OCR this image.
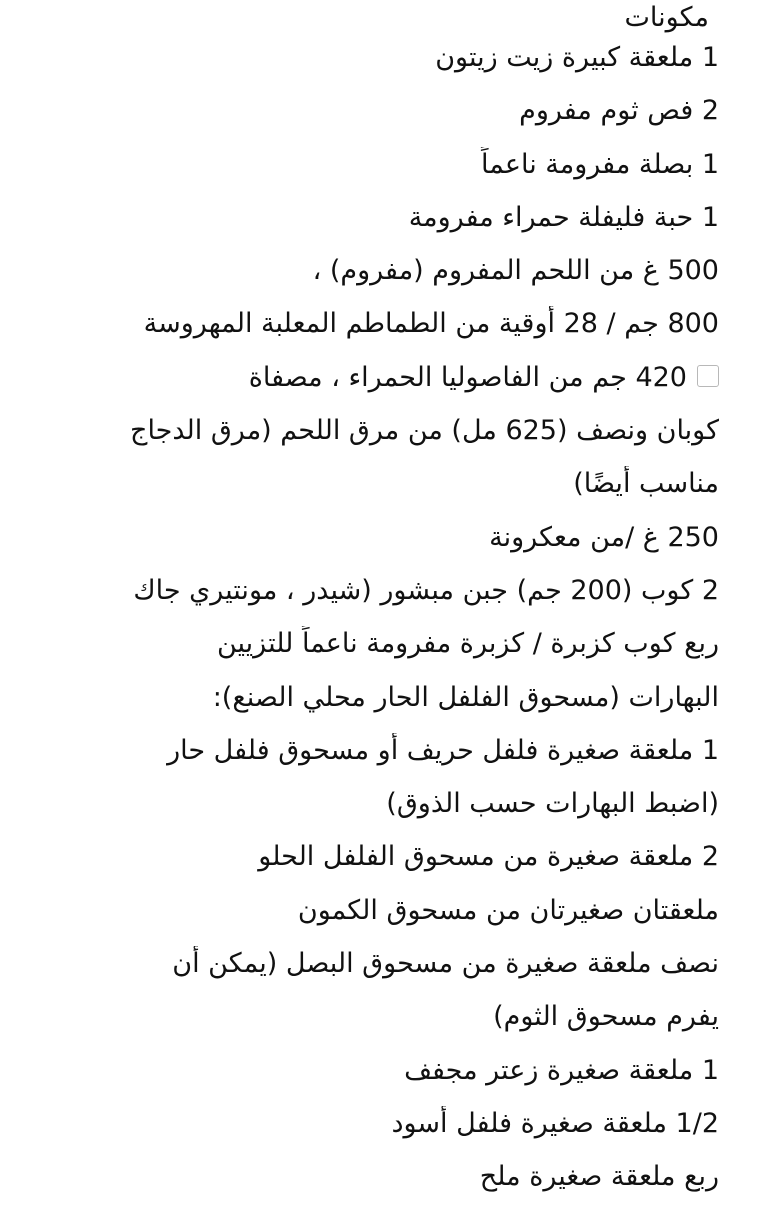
مكونات
1 ملعقة كبيرة زيت زيتون
2 فص ثوم مفروم
1 بصلة مفرومة ناعماً
1 حبة فليفلة حمراء مفرومة
500 غ من اللحم المفروم (مفروم) ،
800 جم / 28 أوقية من الطماطم المعلبة المهروسة
420 جم من الفاصوليا الحمراء ، مصفاة
كوبان ونصف (625 مل) من مرق اللحم (مرق الدجاج
مناسب أيضًا)
250 غ /من معكرونة
2 كوب (200 جم) جبن مبشور (شيدر ، مونتيري جاك
ربع كوب كزبرة / كزبرة مفرومة ناعماً للتزيين
البهارات (مسحوق الفلفل الحار محلي الصنع):
1 ملعقة صغيرة فلفل حريف أو مسحوق فلفل حار
(اضبط البهارات حسب الذوق)
2 ملعقة صغيرة من مسحوق الفلفل الحلو
ملعقتان صغيرتان من مسحوق الكمون
نصف ملعقة صغيرة من مسحوق البصل (يمكن أن
يفرم مسحوق الثوم)
1 ملعقة صغيرة زعتر مجفف
1/2 ملعقة صغيرة فلفل أسود
ربع ملعقة صغيرة ملح
